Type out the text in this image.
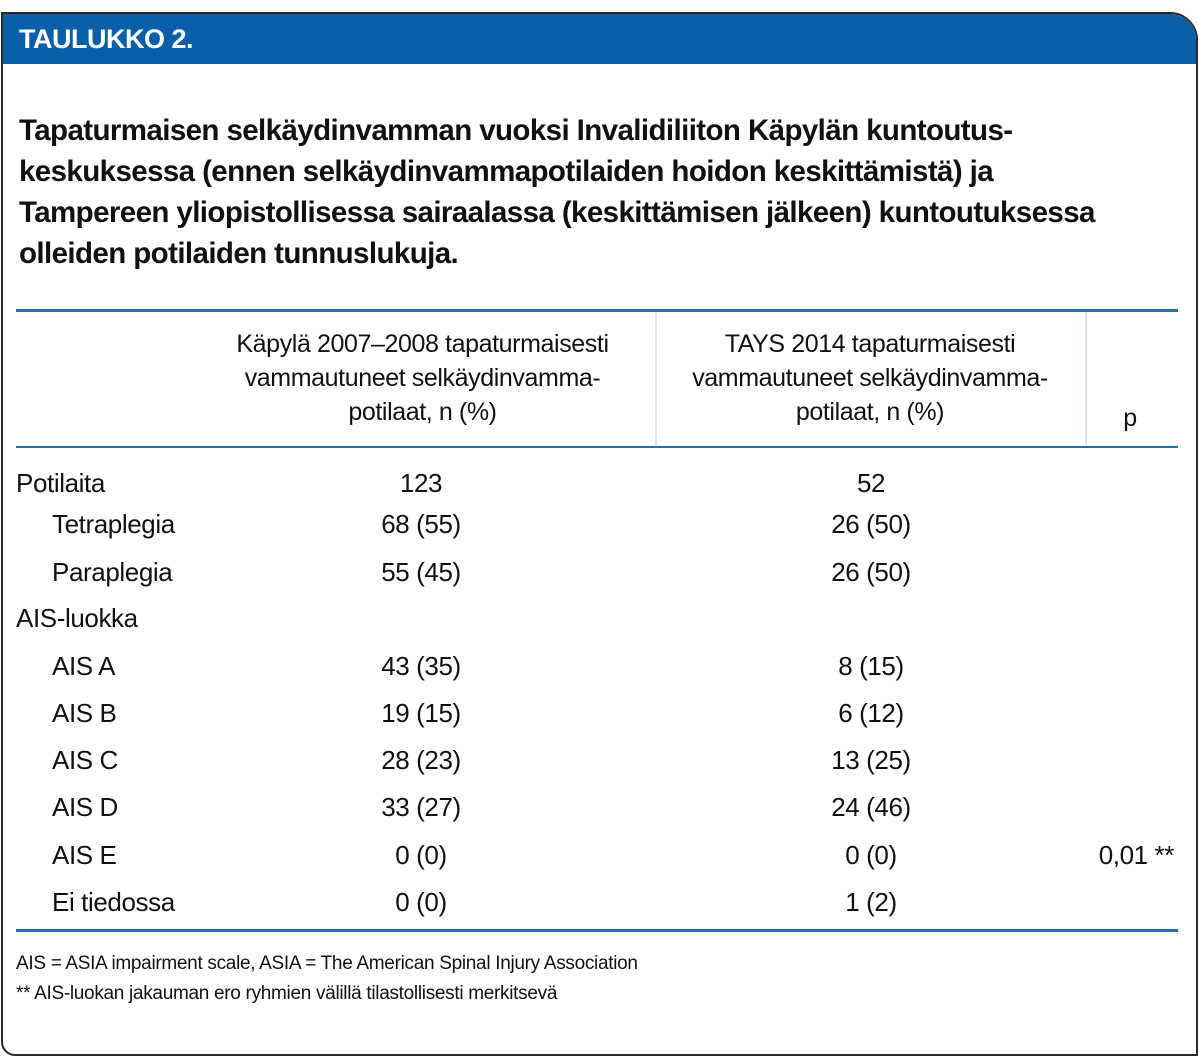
TAULUKKO 2.
Tapaturmaisen selkäydinvamman vuoksi Invalidiliiton Käpylän kuntoutus-
keskuksessa (ennen selkäydinvammapotilaiden hoidon keskittämistä) ja
Tampereen yliopistollisessa sairaalassa (keskittämisen jälkeen) kuntoutuksessa
olleiden potilaiden tunnuslukuja.
Käpylä 2007–2008 tapaturmaisesti
vammautuneet selkäydinvamma-
potilaat, n (%)
TAYS 2014 tapaturmaisesti
vammautuneet selkäydinvamma-
potilaat, n (%)	p
Potilaita	123	52
Tetraplegia	68 (55)	26 (50)
Paraplegia	55 (45)	26 (50)
AIS-luokka
AIS A	43 (35)	8 (15)
AIS B	19 (15)	6 (12)
AIS C	28 (23)	13 (25)
AIS D	33 (27)	24 (46)
AIS E	0 (0)	0 (0)	0,01 **
Ei tiedossa	0 (0)	1 (2)
AIS = ASIA impairment scale, ASIA = The American Spinal Injury Association
** AIS-luokan jakauman ero ryhmien välillä tilastollisesti merkitsevä
